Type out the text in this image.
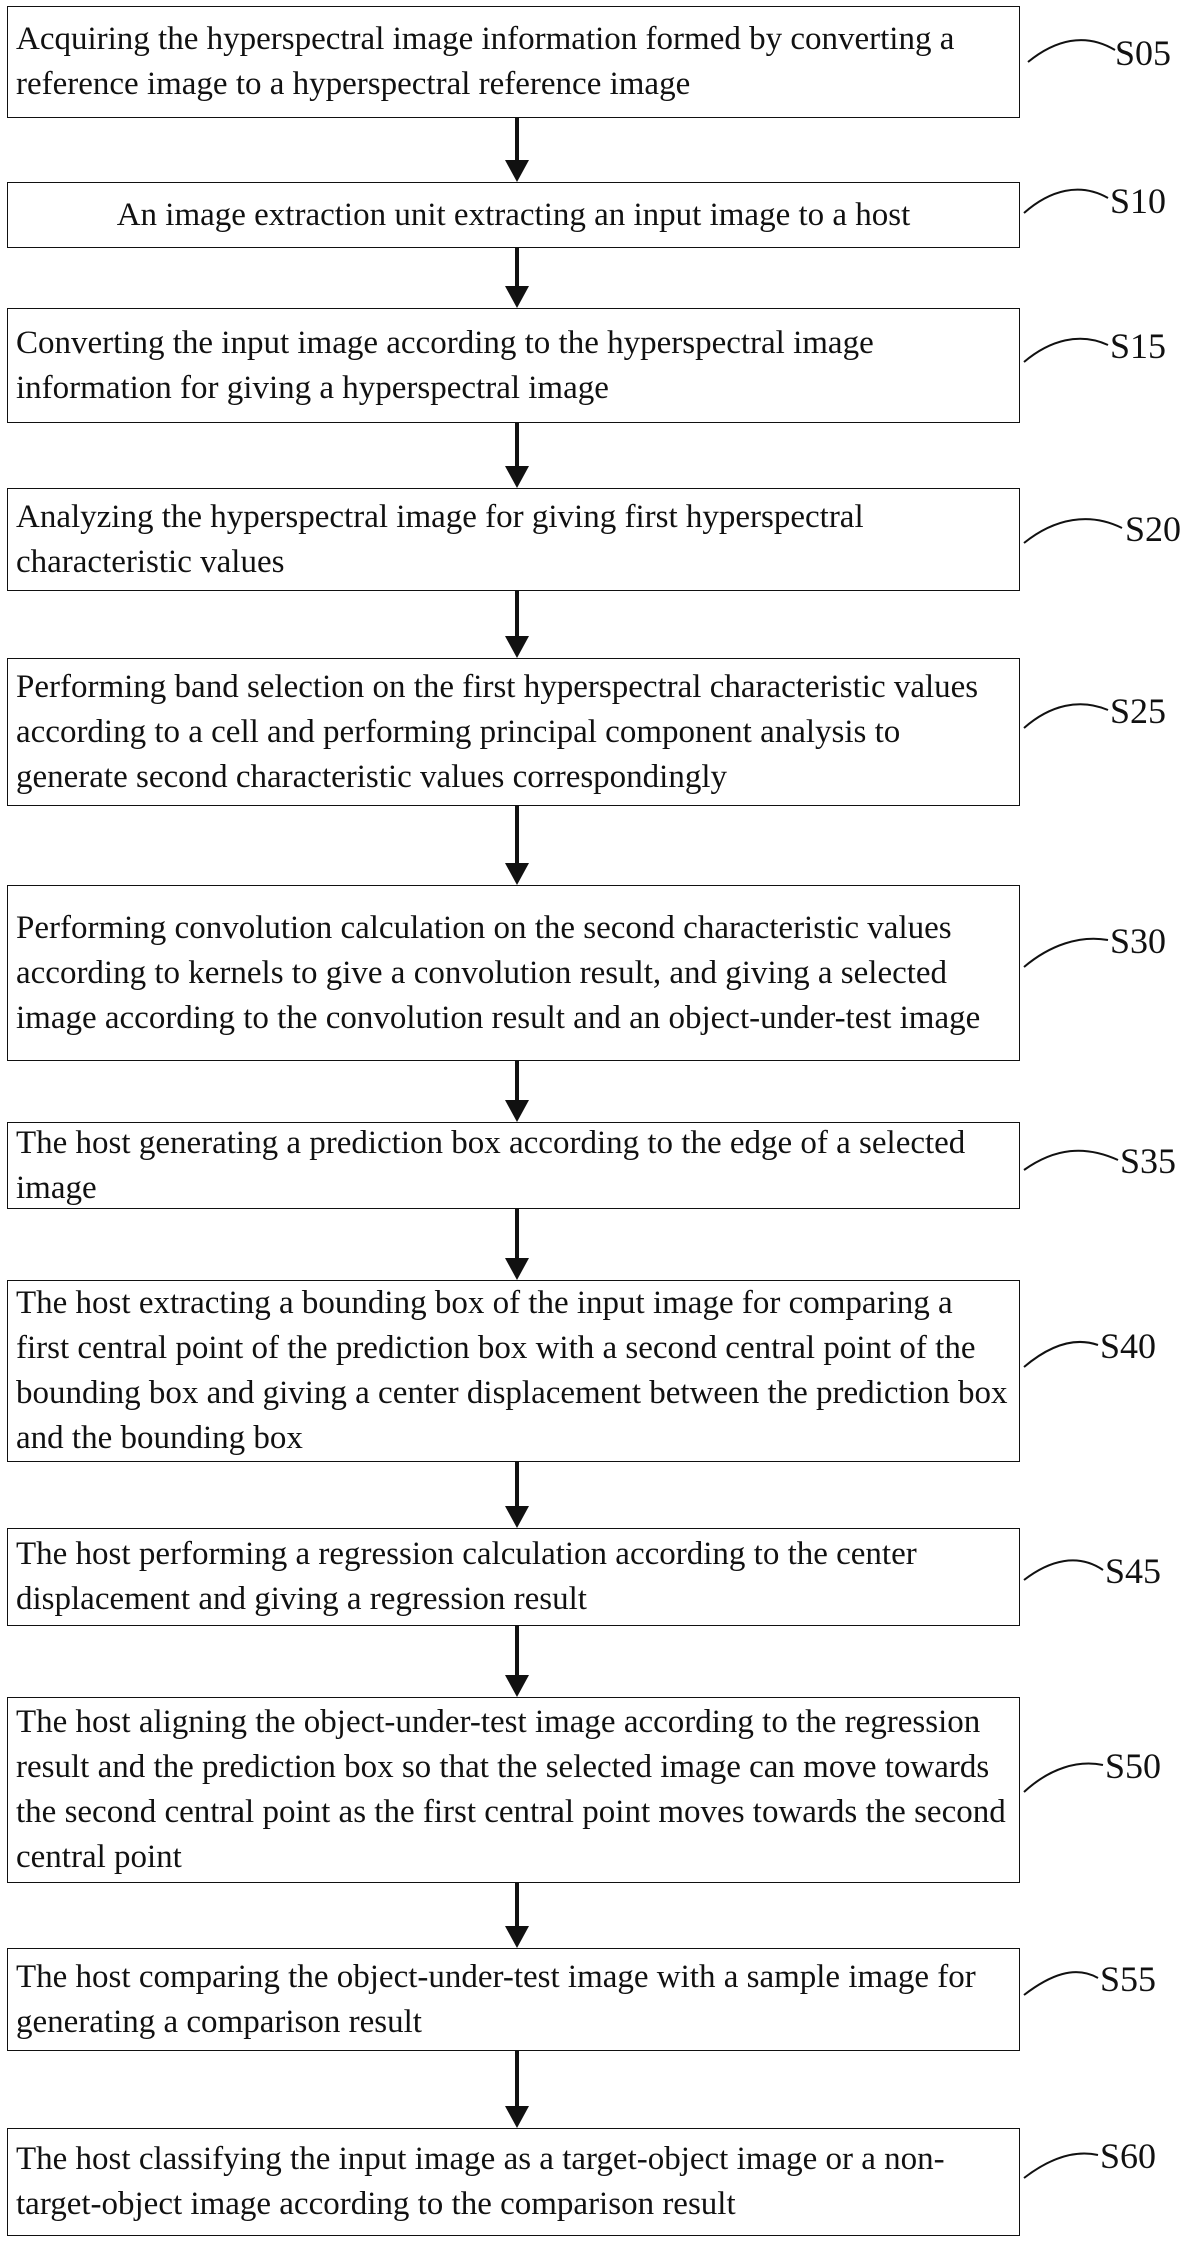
Acquiring the hyperspectral image information formed by converting a reference image to a hyperspectral reference image
An image extraction unit extracting an input image to a host
Converting the input image according to the hyperspectral image information for giving a hyperspectral image
Analyzing the hyperspectral image for giving first hyperspectral characteristic values
Performing band selection on the first hyperspectral characteristic values according to a cell and performing principal component analysis to generate second characteristic values correspondingly
Performing convolution calculation on the second characteristic values according to kernels to give a convolution result, and giving a selected image according to the convolution result and an object-under-test image
The host generating a prediction box according to the edge of a selected image
The host extracting a bounding box of the input image for comparing a first central point of the prediction box with a second central point of the bounding box and giving a center displacement between the prediction box and the bounding box
The host performing a regression calculation according to the center displacement and giving a regression result
The host aligning the object-under-test image according to the regression result and the prediction box so that the selected image can move towards the second central point as the first central point moves towards the second central point
The host comparing the object-under-test image with a sample image for generating a comparison result
The host classifying the input image as a target-object image or a non-target-object image according to the comparison result
S05
S10
S15
S20
S25
S30
S35
S40
S45
S50
S55
S60
